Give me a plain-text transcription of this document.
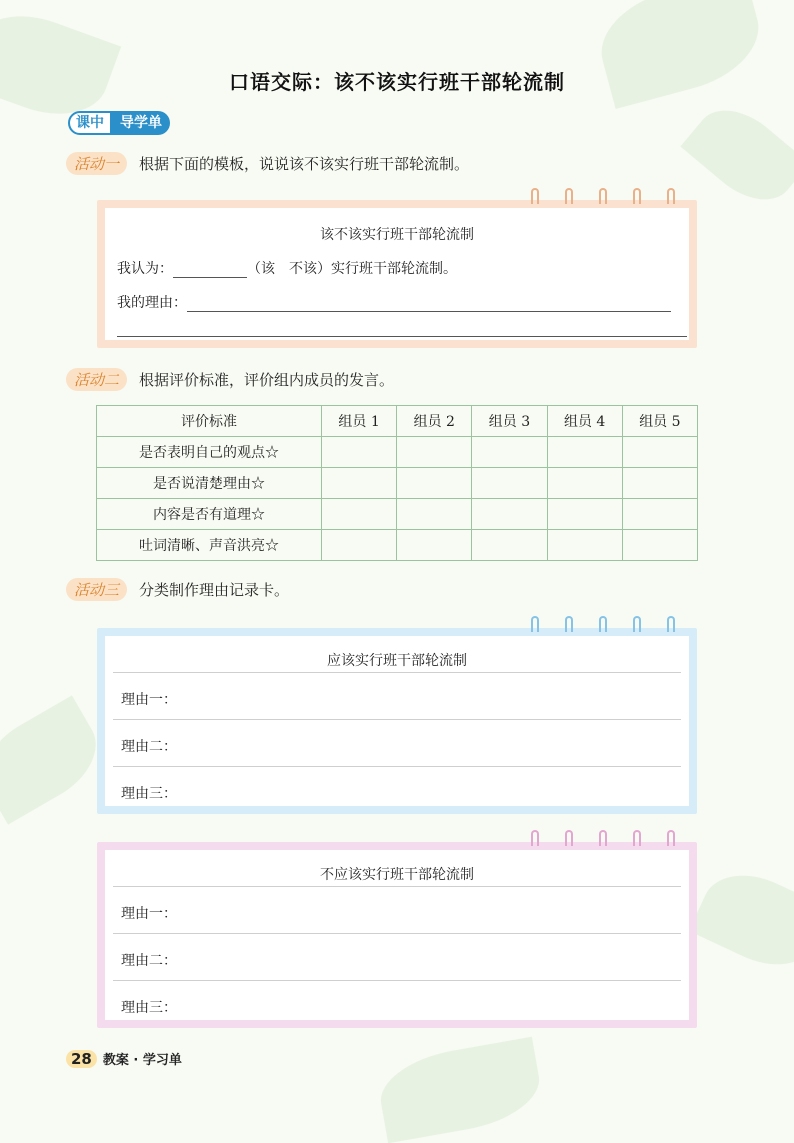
口语交际：该不该实行班干部轮流制
课中	导学单
活动一	根据下面的模板，说说该不该实行班干部轮流制。
该不该实行班干部轮流制
我认为：	（该　不该）实行班干部轮流制。
我的理由：
活动二	根据评价标准，评价组内成员的发言。
评价标准	组员 1	组员 2	组员 3	组员 4	组员 5
是否表明自己的观点☆					
是否说清楚理由☆					
内容是否有道理☆					
吐词清晰、声音洪亮☆					
活动三	分类制作理由记录卡。
应该实行班干部轮流制
理由一：
理由二：
理由三：
不应该实行班干部轮流制
理由一：
理由二：
理由三：
28 教案 · 学习单
